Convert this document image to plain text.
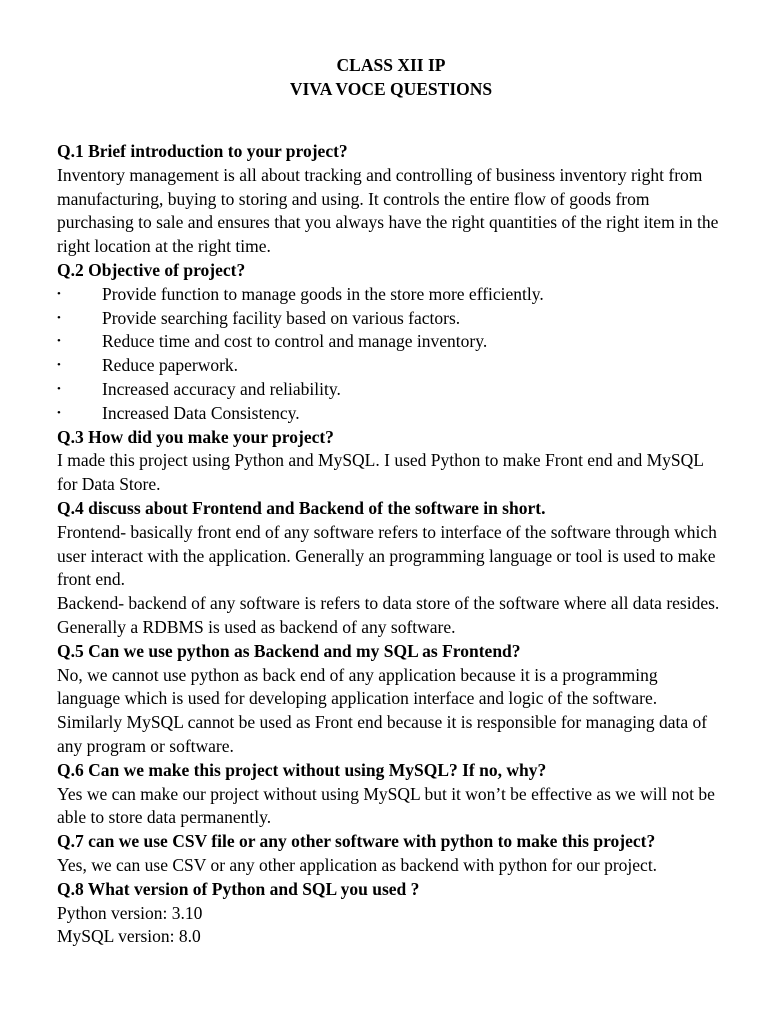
CLASS XII IP
VIVA VOCE QUESTIONS
Q.1 Brief introduction to your project?
Inventory management is all about tracking and controlling of business inventory right from manufacturing, buying to storing and using. It controls the entire flow of goods from purchasing to sale and ensures that you always have the right quantities of the right item in the right location at the right time.
Q.2 Objective of project?
•	Provide function to manage goods in the store more efficiently.
•	Provide searching facility based on various factors.
•	Reduce time and cost to control and manage inventory.
•	Reduce paperwork.
•	Increased accuracy and reliability.
•	Increased Data Consistency.
Q.3 How did you make your project?
I made this project using Python and MySQL. I used Python to make Front end and MySQL for Data Store.
Q.4 discuss about Frontend and Backend of the software in short.
Frontend- basically front end of any software refers to interface of the software through which user interact with the application. Generally an programming language or tool is used to make front end.
Backend- backend of any software is refers to data store of the software where all data resides. Generally a RDBMS is used as backend of any software.
Q.5 Can we use python as Backend and my SQL as Frontend?
No, we cannot use python as back end of any application because it is a programming language which is used for developing application interface and logic of the software. Similarly MySQL cannot be used as Front end because it is responsible for managing data of any program or software.
Q.6 Can we make this project without using MySQL? If no, why?
Yes we can make our project without using MySQL but it won’t be effective as we will not be able to store data permanently.
Q.7 can we use CSV file or any other software with python to make this project?
Yes, we can use CSV or any other application as backend with python for our project.
Q.8 What version of Python and SQL you used ?
Python version: 3.10
MySQL version: 8.0
